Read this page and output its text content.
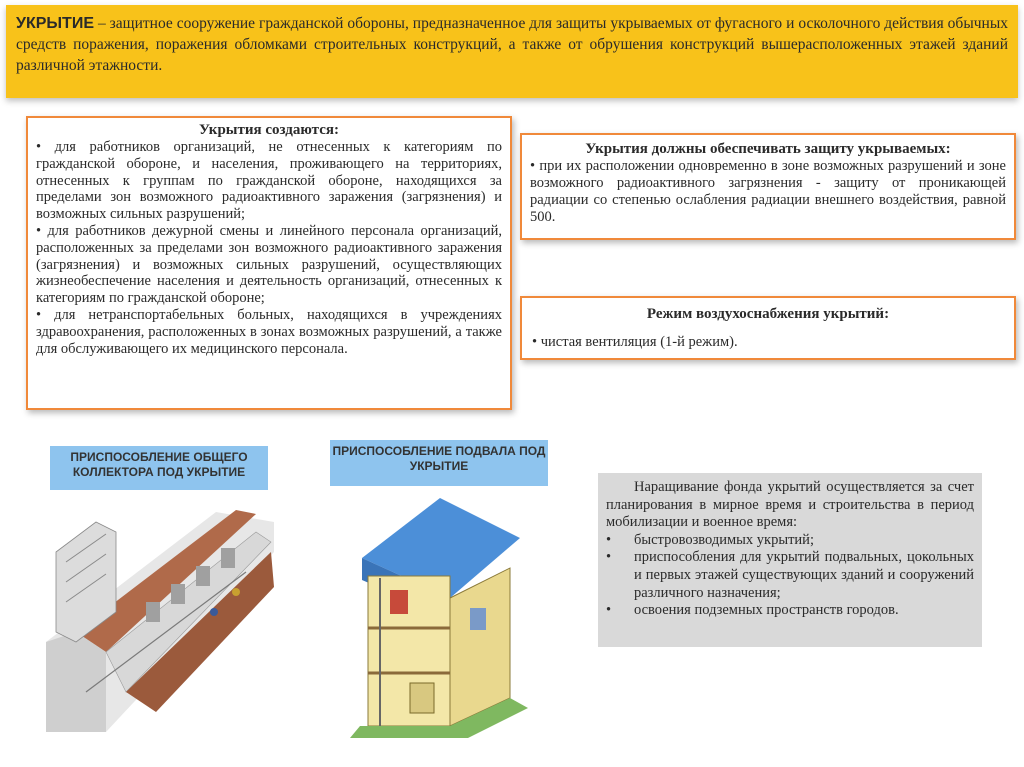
УКРЫТИЕ – защитное сооружение гражданской обороны, предназначенное для защиты укрываемых от фугасного и осколочного действия обычных средств поражения, поражения обломками строительных конструкций, а также от обрушения конструкций вышерасположенных этажей зданий различной этажности.
Укрытия создаются:

• для работников организаций, не отнесенных к категориям по гражданской обороне, и населения, проживающего на территориях, отнесенных к группам по гражданской обороне, находящихся за пределами зон возможного радиоактивного заражения (загрязнения) и возможных сильных разрушений;

• для работников дежурной смены и линейного персонала организаций, расположенных за пределами зон возможного радиоактивного заражения (загрязнения) и возможных сильных разрушений, осуществляющих жизнеобеспечение населения и деятельность организаций, отнесенных к категориям по гражданской обороне;

• для нетранспортабельных больных, находящихся в учреждениях здравоохранения, расположенных в зонах возможных разрушений, а также для обслуживающего их медицинского персонала.

Укрытия должны обеспечивать защиту укрываемых:

• при их расположении одновременно в зоне возможных разрушений и зоне возможного радиоактивного загрязнения - защиту от проникающей радиации со степенью ослабления радиации внешнего воздействия, равной 500.

Режим воздухоснабжения укрытий:

• чистая вентиляция (1-й режим).

ПРИСПОСОБЛЕНИЕ ОБЩЕГО КОЛЛЕКТОРА ПОД УКРЫТИЕ
ПРИСПОСОБЛЕНИЕ ПОДВАЛА ПОД УКРЫТИЕ

Наращивание фонда укрытий осуществляется за счет планирования в мирное время и строительства в период мобилизации и военное время:

•	быстровозводимых укрытий;
•	приспособления для укрытий подвальных, цокольных и первых этажей существующих зданий и сооружений различного назначения;
•	освоения подземных пространств городов.
